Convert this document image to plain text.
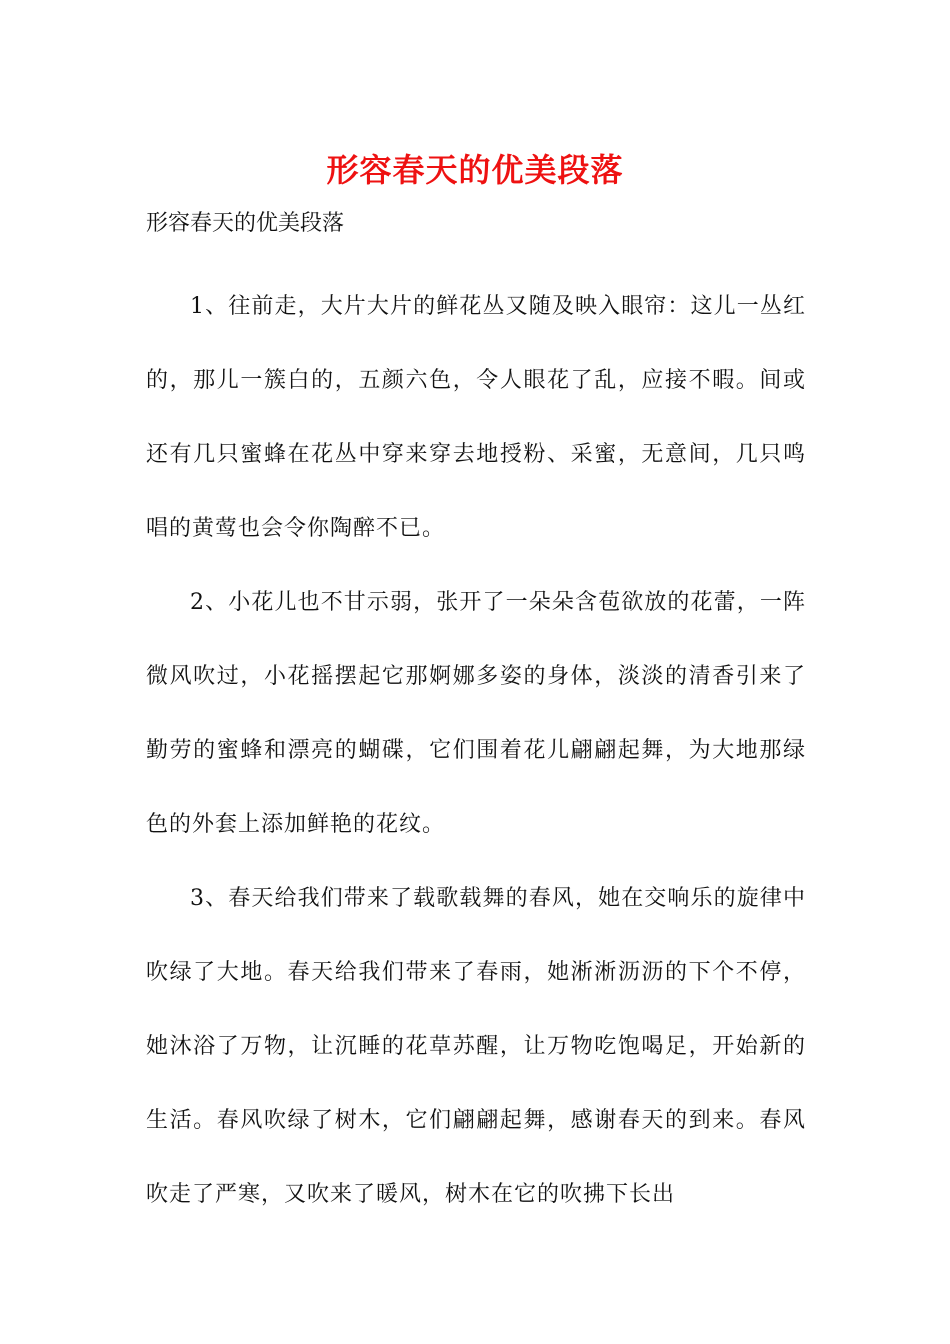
形容春天的优美段落

形容春天的优美段落

1、往前走，大片大片的鲜花丛又随及映入眼帘：这儿一丛红的，那儿一簇白的，五颜六色，令人眼花了乱，应接不暇。间或还有几只蜜蜂在花丛中穿来穿去地授粉、采蜜，无意间，几只鸣唱的黄莺也会令你陶醉不已。

2、小花儿也不甘示弱，张开了一朵朵含苞欲放的花蕾，一阵微风吹过，小花摇摆起它那婀娜多姿的身体，淡淡的清香引来了勤劳的蜜蜂和漂亮的蝴碟，它们围着花儿翩翩起舞，为大地那绿色的外套上添加鲜艳的花纹。

3、春天给我们带来了载歌载舞的春风，她在交响乐的旋律中吹绿了大地。春天给我们带来了春雨，她淅淅沥沥的下个不停，她沐浴了万物，让沉睡的花草苏醒，让万物吃饱喝足，开始新的生活。春风吹绿了树木，它们翩翩起舞，感谢春天的到来。春风吹走了严寒，又吹来了暖风，树木在它的吹拂下长出
